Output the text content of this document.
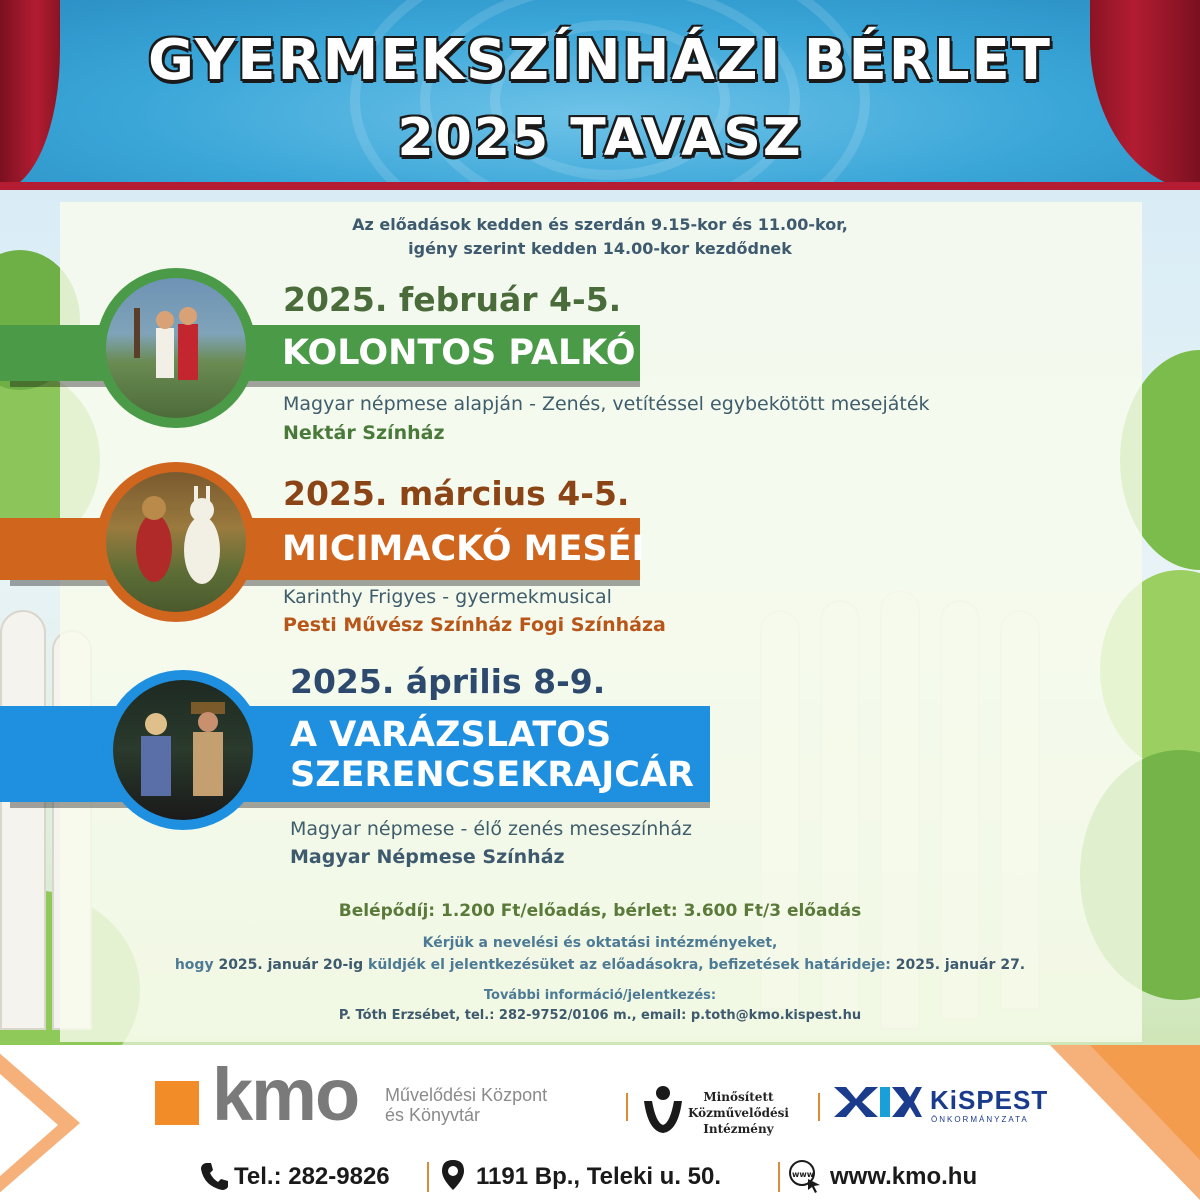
GYERMEKSZÍNHÁZI BÉRLET
2025 TAVASZ
Az előadások kedden és szerdán 9.15-kor és 11.00-kor,
igény szerint kedden 14.00-kor kezdődnek
KOLONTOS PALKÓ
2025. február 4-5.
Magyar népmese alapján - Zenés, vetítéssel egybekötött mesejáték
Nektár Színház
MICIMACKÓ MESÉI
2025. március 4-5.
Karinthy Frigyes - gyermekmusical
Pesti Művész Színház Fogi Színháza
A VARÁZSLATOS
SZERENCSEKRAJCÁR
2025. április 8-9.
Magyar népmese - élő zenés meseszínház
Magyar Népmese Színház
Belépődíj: 1.200 Ft/előadás, bérlet: 3.600 Ft/3 előadás
Kérjük a nevelési és oktatási intézményeket,
hogy 2025. január 20-ig küldjék el jelentkezésüket az előadásokra, befizetések határideje: 2025. január 27.
További információ/jelentkezés:
P. Tóth Erzsébet, tel.: 282-9752/0106 m., email: p.toth@kmo.kispest.hu
kmo Művelődési Központ
és Könyvtár
Minősített
Közművelődési
Intézmény
KiSPEST
ÖNKORMÁNYZATA
Tel.: 282-9826	1191 Bp., Teleki u. 50.	www www.kmo.hu
